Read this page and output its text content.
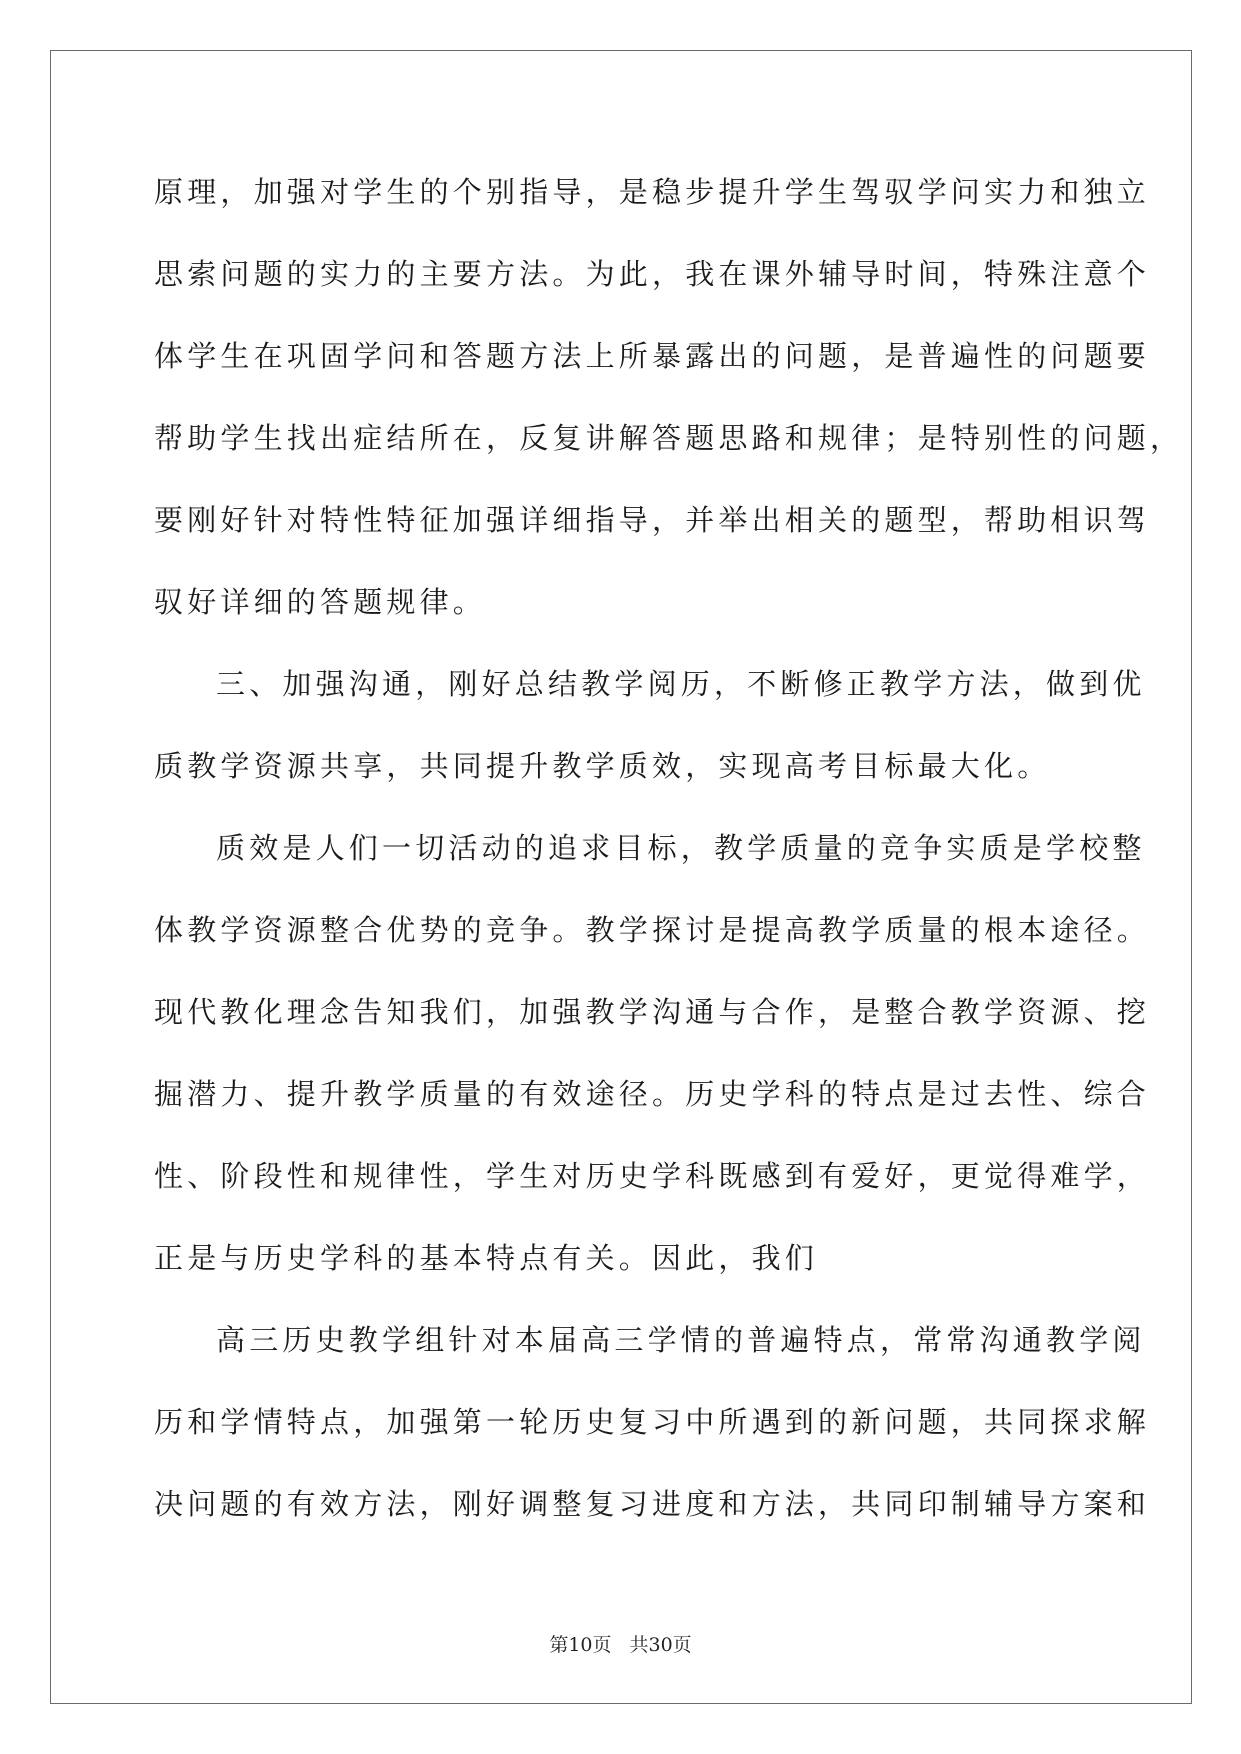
原理，加强对学生的个别指导，是稳步提升学生驾驭学问实力和独立
思索问题的实力的主要方法。为此，我在课外辅导时间，特殊注意个
体学生在巩固学问和答题方法上所暴露出的问题，是普遍性的问题要
帮助学生找出症结所在，反复讲解答题思路和规律；是特别性的问题，
要刚好针对特性特征加强详细指导，并举出相关的题型，帮助相识驾
驭好详细的答题规律。
三、加强沟通，刚好总结教学阅历，不断修正教学方法，做到优
质教学资源共享，共同提升教学质效，实现高考目标最大化。
质效是人们一切活动的追求目标，教学质量的竞争实质是学校整
体教学资源整合优势的竞争。教学探讨是提高教学质量的根本途径。
现代教化理念告知我们，加强教学沟通与合作，是整合教学资源、挖
掘潜力、提升教学质量的有效途径。历史学科的特点是过去性、综合
性、阶段性和规律性，学生对历史学科既感到有爱好，更觉得难学，
正是与历史学科的基本特点有关。因此，我们
高三历史教学组针对本届高三学情的普遍特点，常常沟通教学阅
历和学情特点，加强第一轮历史复习中所遇到的新问题，共同探求解
决问题的有效方法，刚好调整复习进度和方法，共同印制辅导方案和
第10页 共30页
